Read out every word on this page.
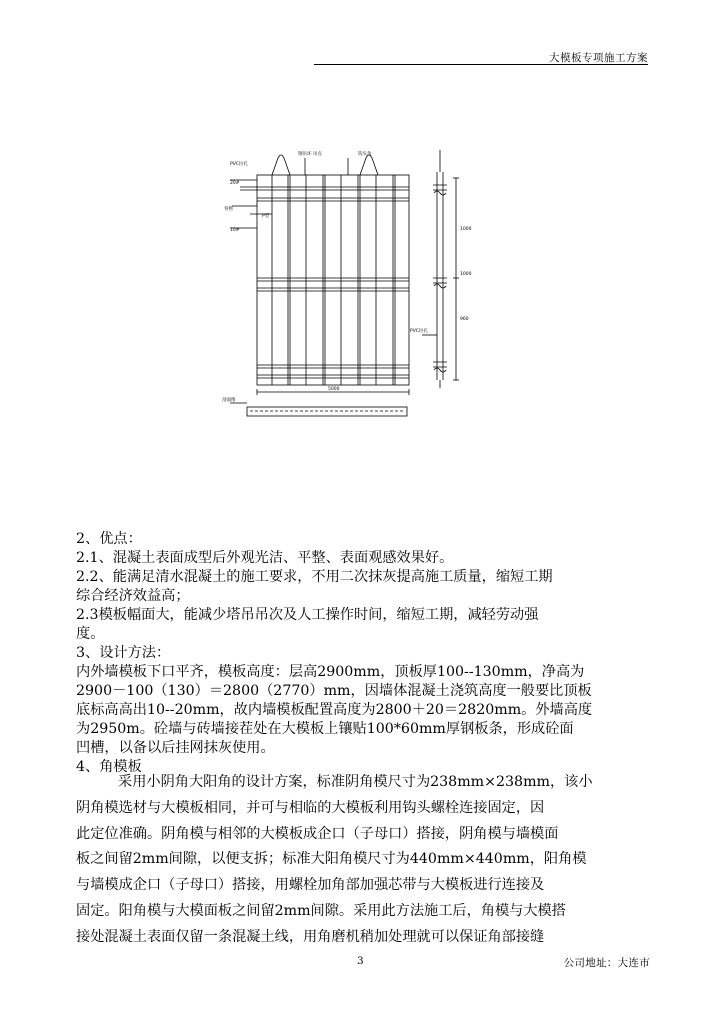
大模板专项施工方案
PVC拉孔
钢吊环 吊点	钩头角
20#
背楞
10#
P型
PVC拉孔
剖面图
5000
1000
1000
960
2、优点：
2.1、混凝土表面成型后外观光洁、平整、表面观感效果好。
2.2、能满足清水混凝土的施工要求，不用二次抹灰提高施工质量，缩短工期
综合经济效益高；
2.3模板幅面大，能减少塔吊吊次及人工操作时间，缩短工期，减轻劳动强
度。
3、设计方法：
内外墙模板下口平齐，模板高度：层高2900mm，顶板厚100--130mm，净高为
2900－100（130）＝2800（2770）mm，因墙体混凝土浇筑高度一般要比顶板
底标高高出10--20mm，故内墙模板配置高度为2800＋20＝2820mm。外墙高度
为2950m。砼墙与砖墙接茬处在大模板上镶贴100*60mm厚钢板条，形成砼面
凹槽，以备以后挂网抹灰使用。
4、角模板
采用小阴角大阳角的设计方案，标准阴角模尺寸为238mm×238mm，该小
阴角模选材与大模板相同，并可与相临的大模板利用钩头螺栓连接固定，因
此定位准确。阴角模与相邻的大模板成企口（子母口）搭接，阴角模与墙模面
板之间留2mm间隙，以便支拆；标准大阳角模尺寸为440mm×440mm，阳角模
与墙模成企口（子母口）搭接，用螺栓加角部加强芯带与大模板进行连接及
固定。阳角模与大模面板之间留2mm间隙。采用此方法施工后，角模与大模搭
接处混凝土表面仅留一条混凝土线，用角磨机稍加处理就可以保证角部接缝
3	公司地址：大连市
